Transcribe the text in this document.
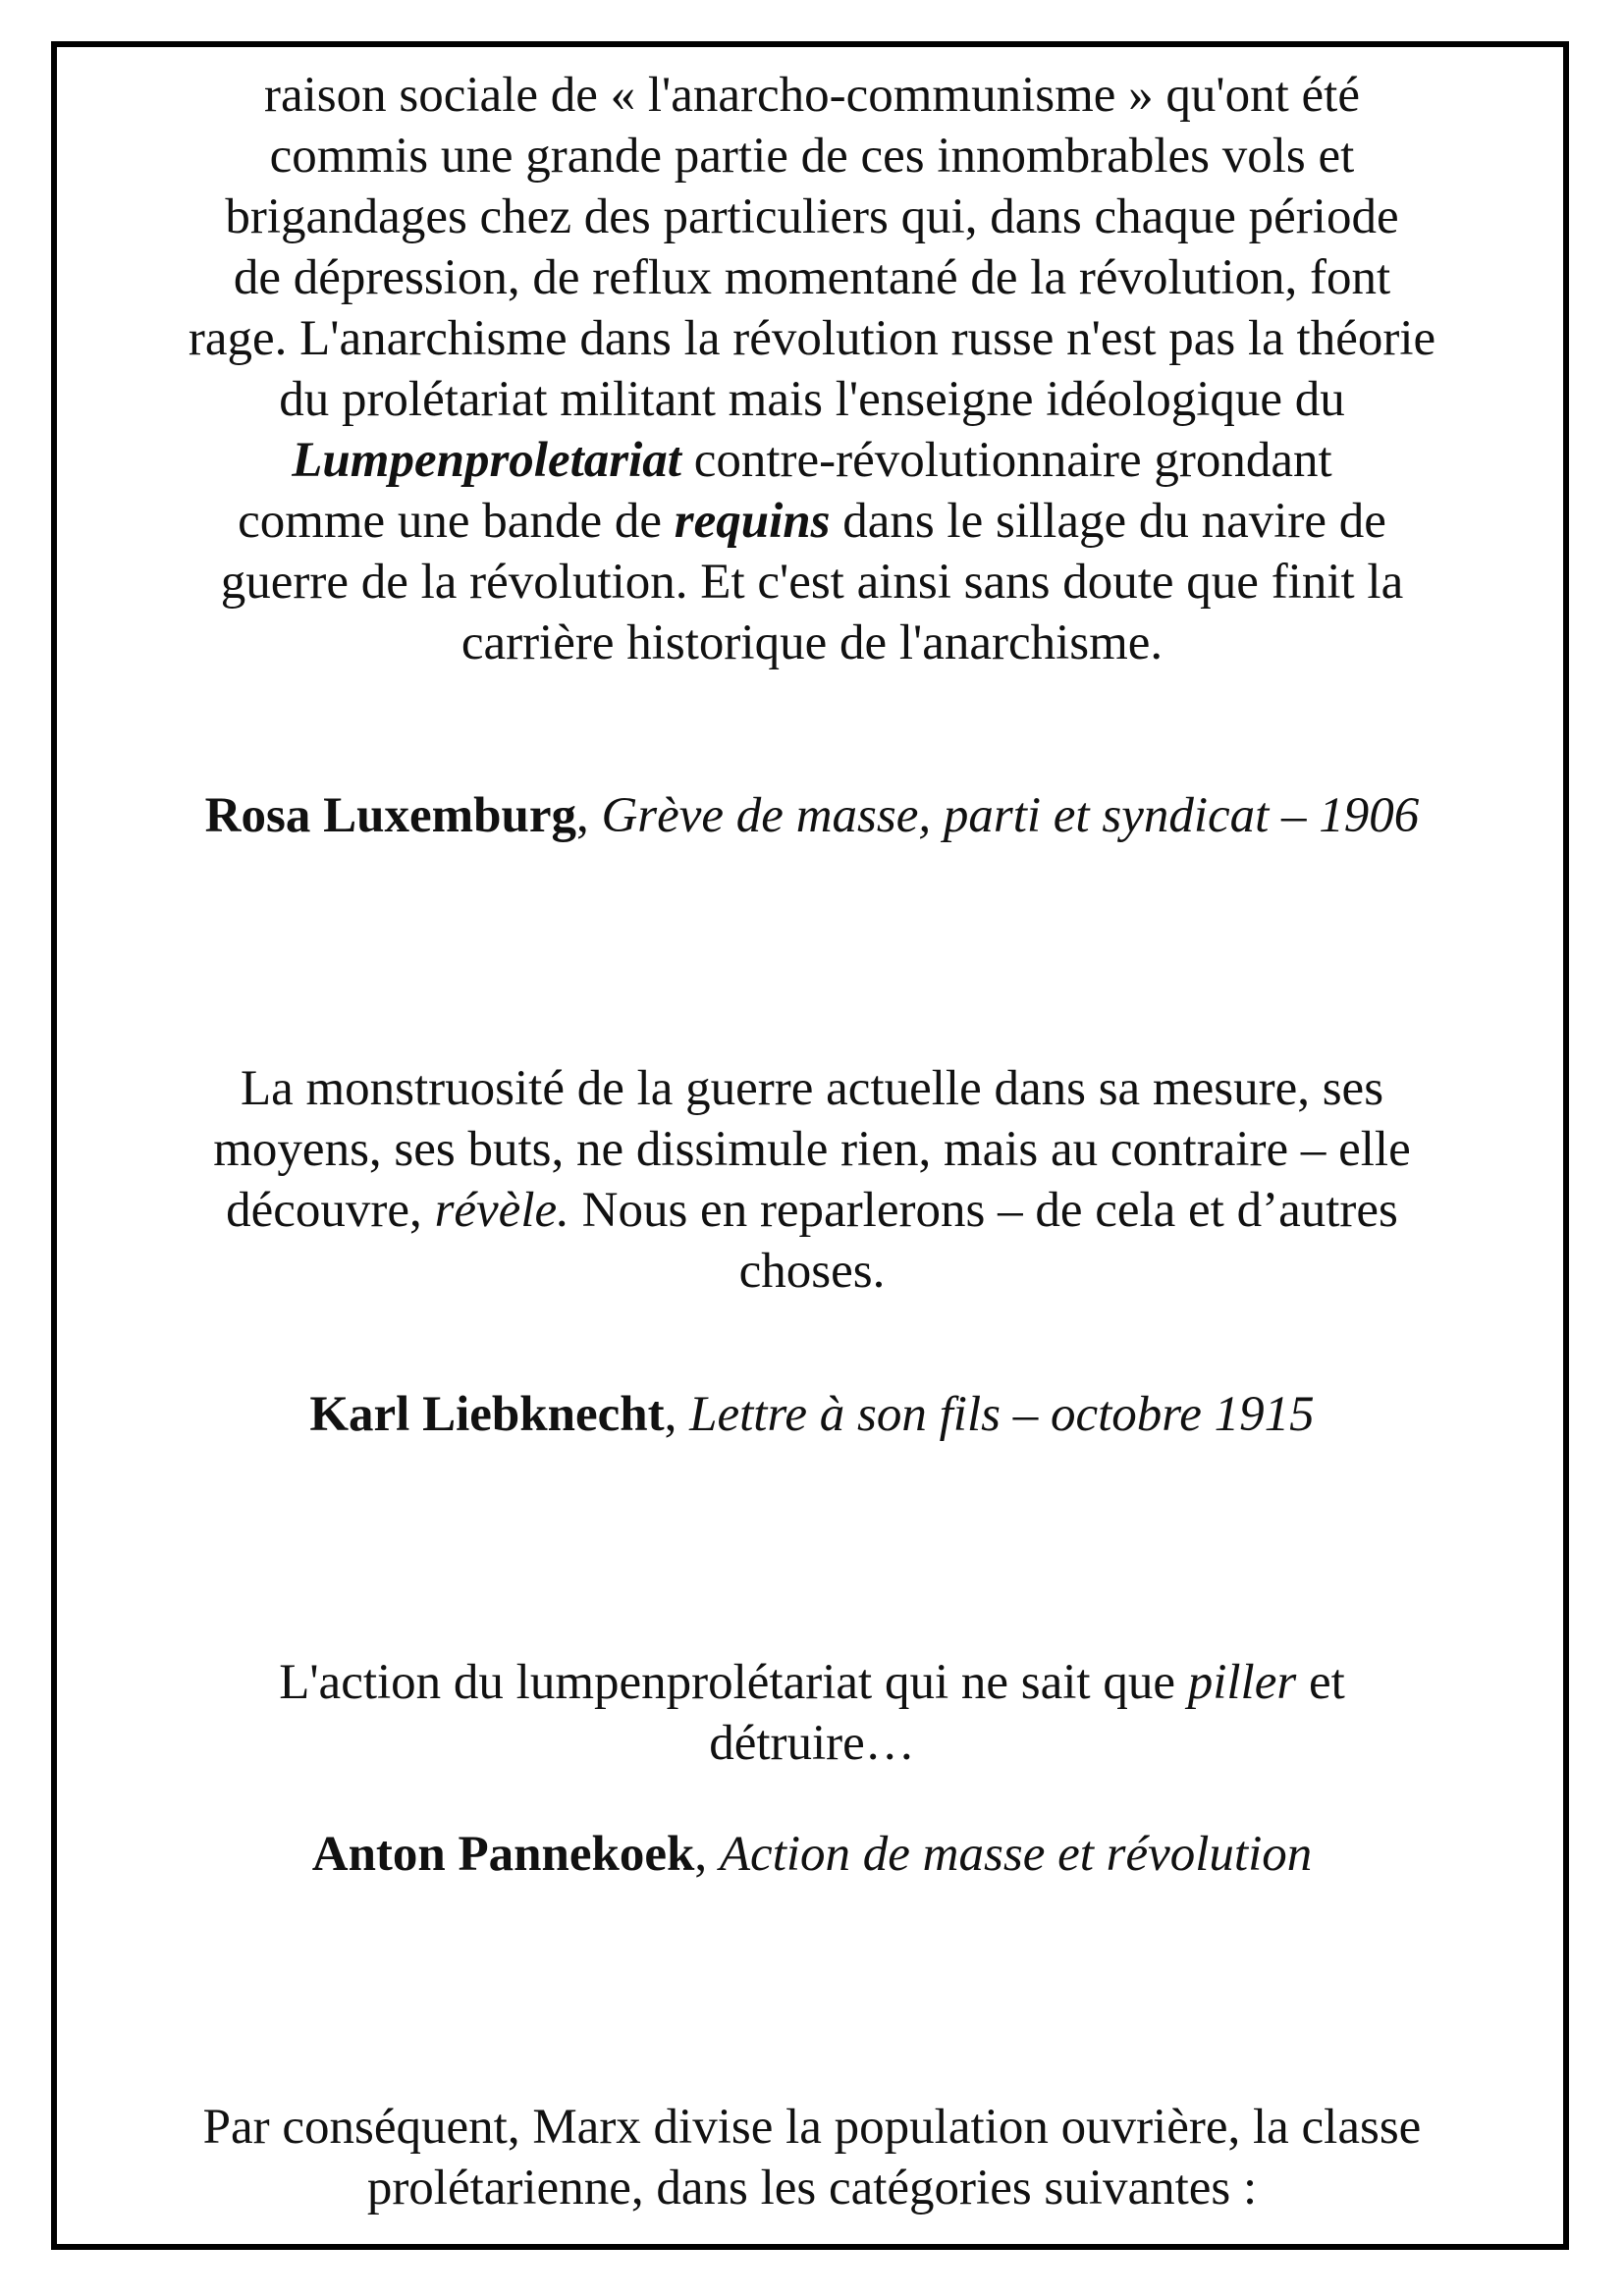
raison sociale de « l'anarcho-communisme » qu'ont été
commis une grande partie de ces innombrables vols et
brigandages chez des particuliers qui, dans chaque période
de dépression, de reflux momentané de la révolution, font
rage. L'anarchisme dans la révolution russe n'est pas la théorie
du prolétariat militant mais l'enseigne idéologique du
Lumpenproletariat contre-révolutionnaire grondant
comme une bande de requins dans le sillage du navire de
guerre de la révolution. Et c'est ainsi sans doute que finit la
carrière historique de l'anarchisme.
Rosa Luxemburg, Grève de masse, parti et syndicat – 1906
La monstruosité de la guerre actuelle dans sa mesure, ses
moyens, ses buts, ne dissimule rien, mais au contraire – elle
découvre, révèle. Nous en reparlerons – de cela et d’autres
choses.
Karl Liebknecht, Lettre à son fils – octobre 1915
L'action du lumpenprolétariat qui ne sait que piller et
détruire…
Anton Pannekoek, Action de masse et révolution
Par conséquent, Marx divise la population ouvrière, la classe
prolétarienne, dans les catégories suivantes :
